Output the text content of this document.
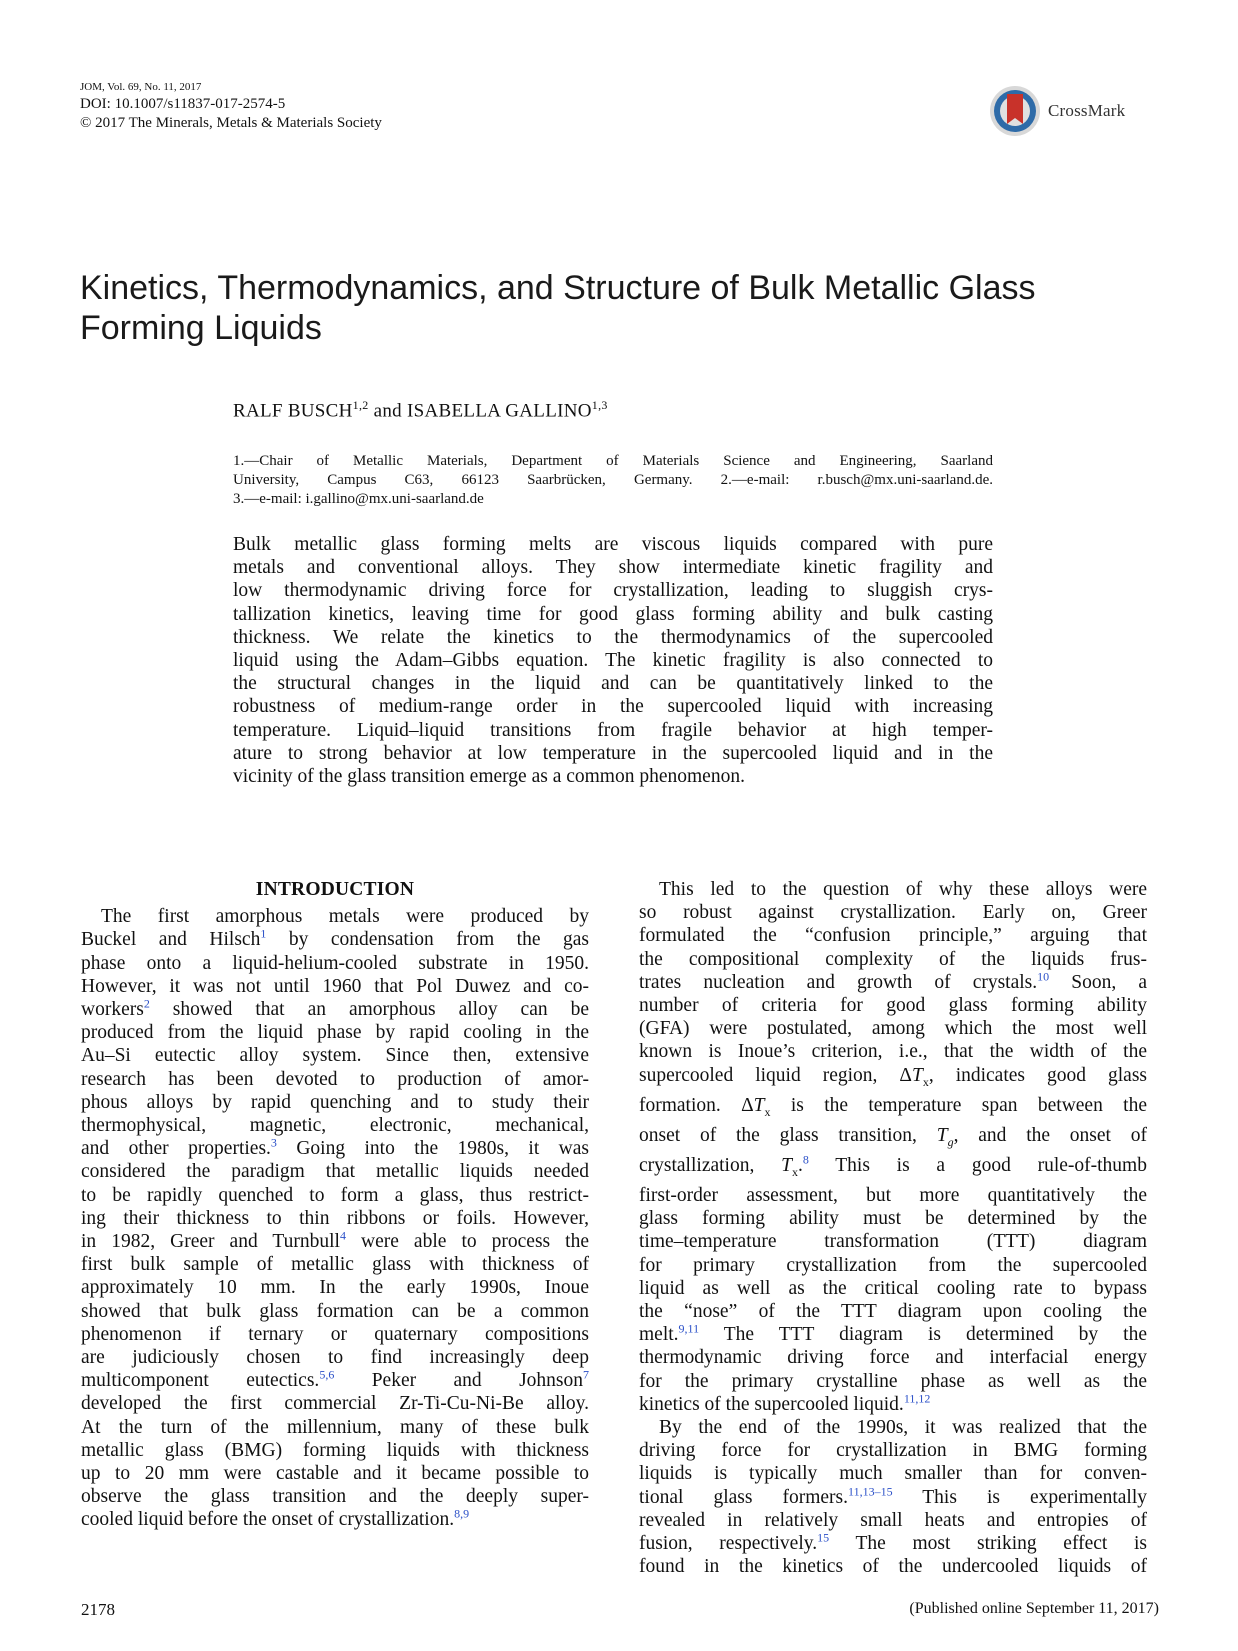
JOM, Vol. 69, No. 11, 2017
DOI: 10.1007/s11837-017-2574-5
© 2017 The Minerals, Metals & Materials Society
CrossMark
Kinetics, Thermodynamics, and Structure of Bulk Metallic Glass
Forming Liquids
RALF BUSCH$^{1,2}$ and ISABELLA GALLINO$^{1,3}$
1.—Chair of Metallic Materials, Department of Materials Science and Engineering, Saarland
University, Campus C63, 66123 Saarbrücken, Germany. 2.—e-mail: r.busch@mx.uni-saarland.de.
3.—e-mail: i.gallino@mx.uni-saarland.de
Bulk metallic glass forming melts are viscous liquids compared with pure
metals and conventional alloys. They show intermediate kinetic fragility and
low thermodynamic driving force for crystallization, leading to sluggish crys-
tallization kinetics, leaving time for good glass forming ability and bulk casting
thickness. We relate the kinetics to the thermodynamics of the supercooled
liquid using the Adam–Gibbs equation. The kinetic fragility is also connected to
the structural changes in the liquid and can be quantitatively linked to the
robustness of medium-range order in the supercooled liquid with increasing
temperature. Liquid–liquid transitions from fragile behavior at high temper-
ature to strong behavior at low temperature in the supercooled liquid and in the
vicinity of the glass transition emerge as a common phenomenon.
INTRODUCTION
The first amorphous metals were produced by
Buckel and Hilsch$^1$ by condensation from the gas
phase onto a liquid-helium-cooled substrate in 1950.
However, it was not until 1960 that Pol Duwez and co-
workers$^2$ showed that an amorphous alloy can be
produced from the liquid phase by rapid cooling in the
Au–Si eutectic alloy system. Since then, extensive
research has been devoted to production of amor-
phous alloys by rapid quenching and to study their
thermophysical, magnetic, electronic, mechanical,
and other properties.$^3$ Going into the 1980s, it was
considered the paradigm that metallic liquids needed
to be rapidly quenched to form a glass, thus restrict-
ing their thickness to thin ribbons or foils. However,
in 1982, Greer and Turnbull$^4$ were able to process the
first bulk sample of metallic glass with thickness of
approximately 10 mm. In the early 1990s, Inoue
showed that bulk glass formation can be a common
phenomenon if ternary or quaternary compositions
are judiciously chosen to find increasingly deep
multicomponent eutectics.$^{5,6}$ Peker and Johnson$^7$
developed the first commercial Zr-Ti-Cu-Ni-Be alloy.
At the turn of the millennium, many of these bulk
metallic glass (BMG) forming liquids with thickness
up to 20 mm were castable and it became possible to
observe the glass transition and the deeply super-
cooled liquid before the onset of crystallization.$^{8,9}$
This led to the question of why these alloys were
so robust against crystallization. Early on, Greer
formulated the “confusion principle,” arguing that
the compositional complexity of the liquids frus-
trates nucleation and growth of crystals.$^{10}$ Soon, a
number of criteria for good glass forming ability
(GFA) were postulated, among which the most well
known is Inoue’s criterion, i.e., that the width of the
supercooled liquid region, $\Delta T_x$, indicates good glass
formation. $\Delta T_x$ is the temperature span between the
onset of the glass transition, $T_g$, and the onset of
crystallization, $T_x.^8$ This is a good rule-of-thumb
first-order assessment, but more quantitatively the
glass forming ability must be determined by the
time–temperature transformation (TTT) diagram
for primary crystallization from the supercooled
liquid as well as the critical cooling rate to bypass
the “nose” of the TTT diagram upon cooling the
melt.$^{9,11}$ The TTT diagram is determined by the
thermodynamic driving force and interfacial energy
for the primary crystalline phase as well as the
kinetics of the supercooled liquid.$^{11,12}$
By the end of the 1990s, it was realized that the
driving force for crystallization in BMG forming
liquids is typically much smaller than for conven-
tional glass formers.$^{11,13-15}$ This is experimentally
revealed in relatively small heats and entropies of
fusion, respectively.$^{15}$ The most striking effect is
found in the kinetics of the undercooled liquids of
2178	(Published online September 11, 2017)
